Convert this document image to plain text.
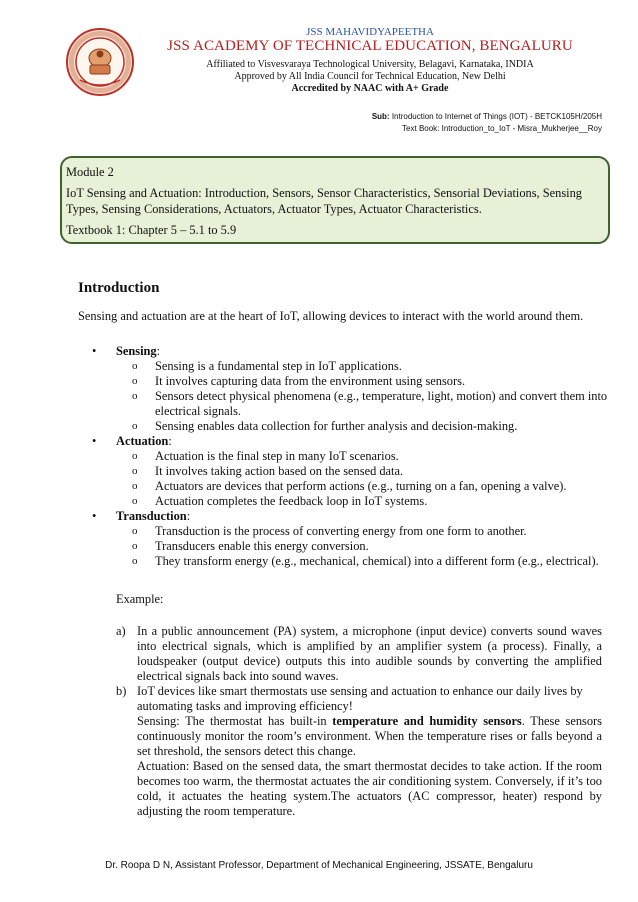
JSS MAHAVIDYAPEETHA
JSS ACADEMY OF TECHNICAL EDUCATION, BENGALURU
Affiliated to Visvesvaraya Technological University, Belagavi, Karnataka, INDIA
Approved by All India Council for Technical Education, New Delhi
Accredited by NAAC with A+ Grade
Sub: Introduction to Internet of Things (IOT) - BETCK105H/205H
Text Book: Introduction_to_IoT - Misra_Mukherjee__Roy

Module 2

IoT Sensing and Actuation: Introduction, Sensors, Sensor Characteristics, Sensorial Deviations, Sensing Types, Sensing Considerations, Actuators, Actuator Types, Actuator Characteristics.

Textbook 1: Chapter 5 – 5.1 to 5.9

Introduction
Sensing and actuation are at the heart of IoT, allowing devices to interact with the world around them.
• Sensing:
o Sensing is a fundamental step in IoT applications.
o It involves capturing data from the environment using sensors.
o Sensors detect physical phenomena (e.g., temperature, light, motion) and convert them into electrical signals.
o Sensing enables data collection for further analysis and decision-making.
• Actuation:
o Actuation is the final step in many IoT scenarios.
o It involves taking action based on the sensed data.
o Actuators are devices that perform actions (e.g., turning on a fan, opening a valve).
o Actuation completes the feedback loop in IoT systems.
• Transduction:
o Transduction is the process of converting energy from one form to another.
o Transducers enable this energy conversion.
o They transform energy (e.g., mechanical, chemical) into a different form (e.g., electrical).
Example:
a) In a public announcement (PA) system, a microphone (input device) converts sound waves into electrical signals, which is amplified by an amplifier system (a process). Finally, a loudspeaker (output device) outputs this into audible sounds by converting the amplified electrical signals back into sound waves.

b) IoT devices like smart thermostats use sensing and actuation to enhance our daily lives by automating tasks and improving efficiency!

Sensing: The thermostat has built-in temperature and humidity sensors. These sensors continuously monitor the room’s environment. When the temperature rises or falls beyond a set threshold, the sensors detect this change.

Actuation: Based on the sensed data, the smart thermostat decides to take action. If the room becomes too warm, the thermostat actuates the air conditioning system. Conversely, if it’s too cold, it actuates the heating system.The actuators (AC compressor, heater) respond by adjusting the room temperature.

Dr. Roopa D N, Assistant Professor, Department of Mechanical Engineering, JSSATE, Bengaluru
